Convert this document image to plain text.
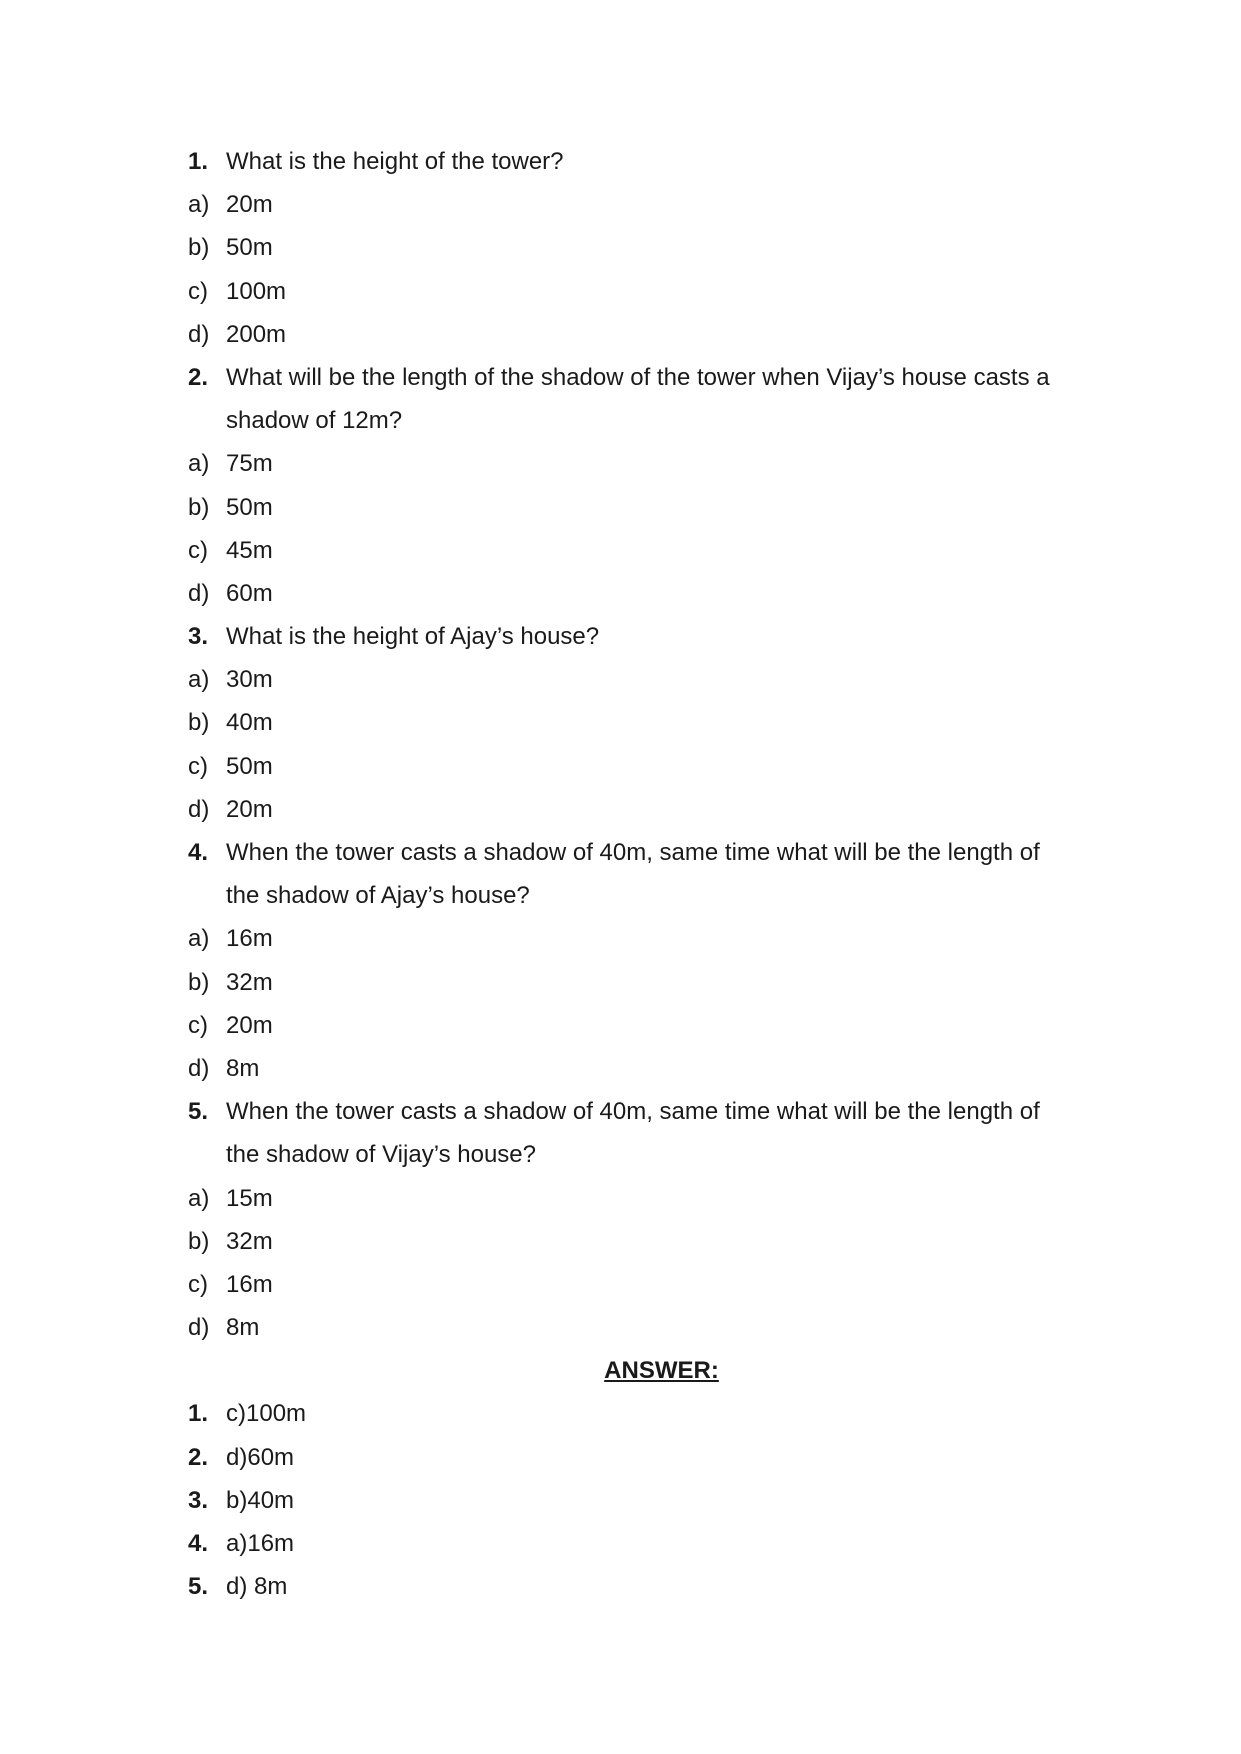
1. What is the height of the tower?
a) 20m
b) 50m
c) 100m
d) 200m
2. What will be the length of the shadow of the tower when Vijay’s house casts a
shadow of 12m?
a) 75m
b) 50m
c) 45m
d) 60m
3. What is the height of Ajay’s house?
a) 30m
b) 40m
c) 50m
d) 20m
4. When the tower casts a shadow of 40m, same time what will be the length of
the shadow of Ajay’s house?
a) 16m
b) 32m
c) 20m
d) 8m
5. When the tower casts a shadow of 40m, same time what will be the length of
the shadow of Vijay’s house?
a) 15m
b) 32m
c) 16m
d) 8m
ANSWER:
1. c)100m
2. d)60m
3. b)40m
4. a)16m
5. d) 8m
